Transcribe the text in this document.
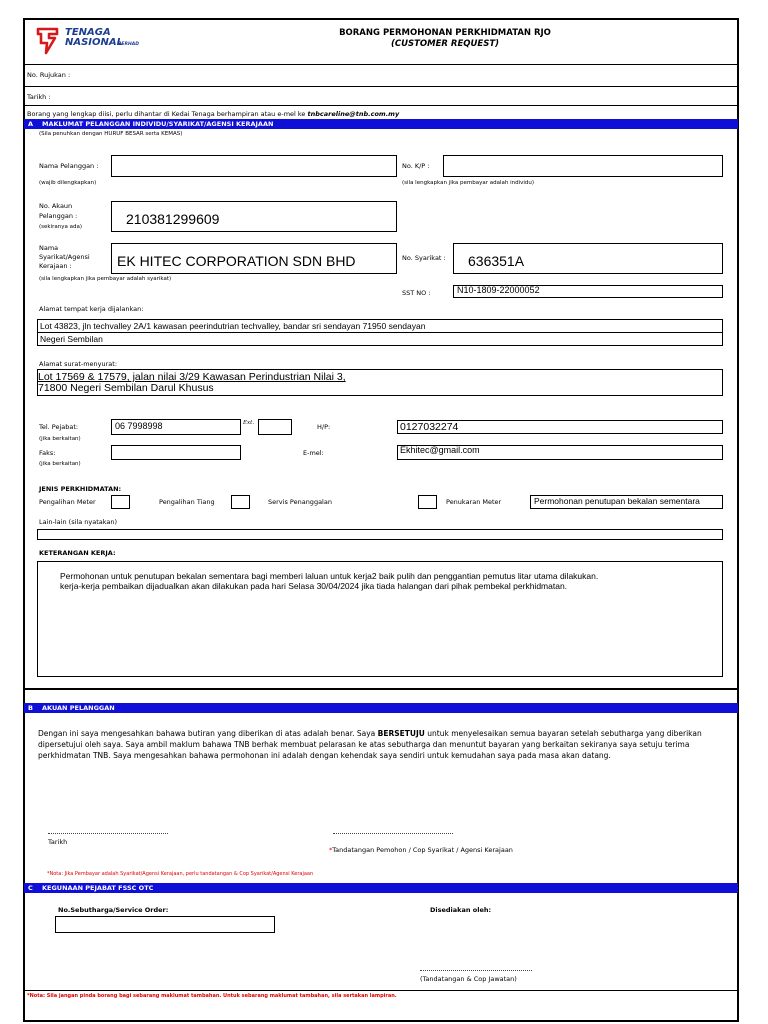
TENAGA
NASIONAL
BERHAD
BORANG PERMOHONAN PERKHIDMATAN RJO
(CUSTOMER REQUEST)
No. Rujukan :
Tarikh :
Borang yang lengkap diisi, perlu dihantar di Kedai Tenaga berhampiran atau e-mel ke tnbcareline@tnb.com.my
A MAKLUMAT PELANGGAN INDIVIDU/SYARIKAT/AGENSI KERAJAAN
(Sila penuhkan dengan HURUF BESAR serta KEMAS)
Nama Pelanggan :
(wajib dilengkapkan)
No. K/P :
(sila lengkapkan jika pembayar adalah individu)
No. Akaun
Pelanggan :
(sekiranya ada)	210381299609
Nama
Syarikat/Agensi
Kerajaan :	EK HITEC CORPORATION SDN BHD
(sila lengkapkan jika pembayar adalah syarikat)
No. Syarikat : 636351A
SST NO :	N10-1809-22000052
Alamat tempat kerja dijalankan:
Lot 43823, jln techvalley 2A/1 kawasan peerindutrian techvalley, bandar sri sendayan 71950 sendayan
Negeri Sembilan
Alamat surat-menyurat:
Lot 17569 & 17579, jalan nilai 3/29 Kawasan Perindustrian Nilai 3,
71800 Negeri Sembilan Darul Khusus
Tel. Pejabat:
(jika berkaitan)
06 7998998	Ext.	H/P:	0127032274
Faks:
(jika berkaitan)
E-mel:	Ekhitec@gmail.com
JENIS PERKHIDMATAN:
Pengalihan Meter	Pengalihan Tiang	Servis Penanggalan	Penukaran Meter	Permohonan penutupan bekalan sementara
Lain-lain (sila nyatakan)
KETERANGAN KERJA:
Permohonan untuk penutupan bekalan sementara bagi memberi laluan untuk kerja2 baik pulih dan penggantian pemutus litar utama dilakukan.
kerja-kerja pembaikan dijadualkan akan dilakukan pada hari Selasa 30/04/2024 jika tiada halangan dari pihak pembekal perkhidmatan.
B AKUAN PELANGGAN
Dengan ini saya mengesahkan bahawa butiran yang diberikan di atas adalah benar. Saya BERSETUJU untuk menyelesaikan semua bayaran setelah sebutharga yang diberikan
dipersetujui oleh saya. Saya ambil maklum bahawa TNB berhak membuat pelarasan ke atas sebutharga dan menuntut bayaran yang berkaitan sekiranya saya setuju terima
perkhidmatan TNB. Saya mengesahkan bahawa permohonan ini adalah dengan kehendak saya sendiri untuk kemudahan saya pada masa akan datang.
Tarikh
*Tandatangan Pemohon / Cop Syarikat / Agensi Kerajaan
*Nota: Jika Pembayar adalah Syarikat/Agensi Kerajaan, perlu tandatangan & Cop Syarikat/Agensi Kerajaan
C KEGUNAAN PEJABAT FSSC OTC
No.Sebutharga/Service Order:	Disediakan oleh:
(Tandatangan & Cop Jawatan)
*Nota: Sila jangan pinda borang bagi sebarang maklumat tambahan. Untuk sebarang maklumat tambahan, sila sertakan lampiran.
